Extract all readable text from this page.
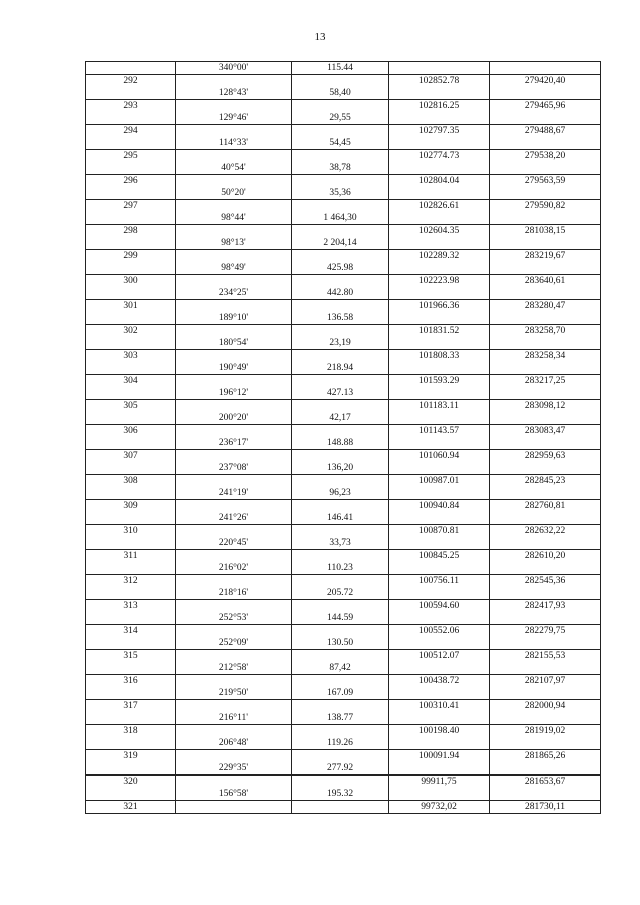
13
	340°00'	115.44		
292			102852.78	279420,40
	128°43'	58,40		
293			102816.25	279465,96
	129°46'	29,55		
294			102797.35	279488,67
	114°33'	54,45		
295			102774.73	279538,20
	40°54'	38,78		
296			102804.04	279563,59
	50°20'	35,36		
297			102826.61	279590,82
	98°44'	1 464,30		
298			102604.35	281038,15
	98°13'	2 204,14		
299			102289.32	283219,67
	98°49'	425.98		
300			102223.98	283640,61
	234°25'	442.80		
301			101966.36	283280,47
	189°10'	136.58		
302			101831.52	283258,70
	180°54'	23,19		
303			101808.33	283258,34
	190°49'	218.94		
304			101593.29	283217,25
	196°12'	427.13		
305			101183.11	283098,12
	200°20'	42,17		
306			101143.57	283083,47
	236°17'	148.88		
307			101060.94	282959,63
	237°08'	136,20		
308			100987.01	282845,23
	241°19'	96,23		
309			100940.84	282760,81
	241°26'	146.41		
310			100870.81	282632,22
	220°45'	33,73		
311			100845.25	282610,20
	216°02'	110.23		
312			100756.11	282545,36
	218°16'	205.72		
313			100594.60	282417,93
	252°53'	144.59		
314			100552.06	282279,75
	252°09'	130.50		
315			100512.07	282155,53
	212°58'	87,42		
316			100438.72	282107,97
	219°50'	167.09		
317			100310.41	282000,94
	216°11'	138.77		
318			100198.40	281919,02
	206°48'	119.26		
319			100091.94	281865,26
	229°35'	277.92		
320			99911,75	281653,67
	156°58'	195.32		
321			99732,02	281730,11
